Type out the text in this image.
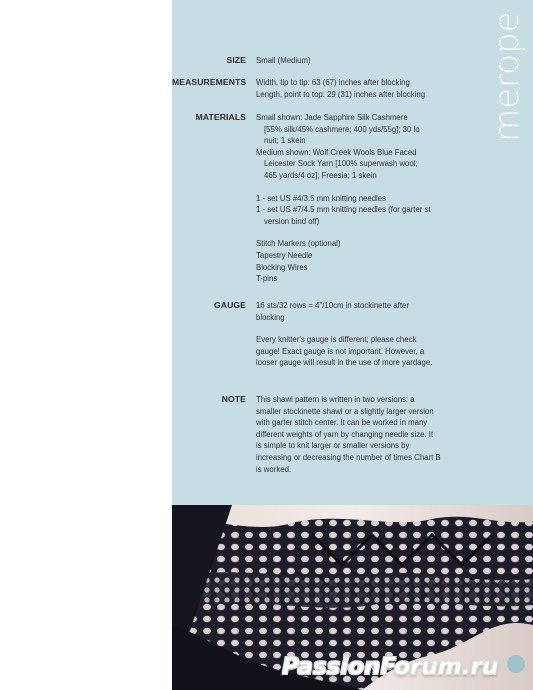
merope
SIZE Small (Medium)

MEASUREMENTS Width, tip to tip: 63 (67) inches after blocking

Length, point to top: 29 (31) inches after blocking

MATERIALS Small shown: Jade Sapphire Silk Cashmere

[55% silk/45% cashmere; 400 yds/55g]; 30 lo

nuit; 1 skein

Medium shown: Wolf Creek Wools Blue Faced

Leicester Sock Yarn [100% superwash wool;

465 yards/4 oz]; Freesia; 1 skein

1 - set US #4/3.5 mm knitting needles

1 - set US #7/4.5 mm knitting needles (for garter st

version bind off)

Stitch Markers (optional)

Tapestry Needle

Blocking Wires

T-pins

GAUGE 16 sts/32 rows = 4"/10cm in stockinette after

blocking

Every knitter's gauge is different; please check

gauge! Exact gauge is not important. However, a

looser gauge will result in the use of more yardage.

NOTE This shawl pattern is written in two versions: a

smaller stockinette shawl or a slightly larger version

with garter stitch center. It can be worked in many

different weights of yarn by changing needle size. It

is simple to knit larger or smaller versions by

increasing or decreasing the number of times Chart B

is worked.

PassionForum.ru
